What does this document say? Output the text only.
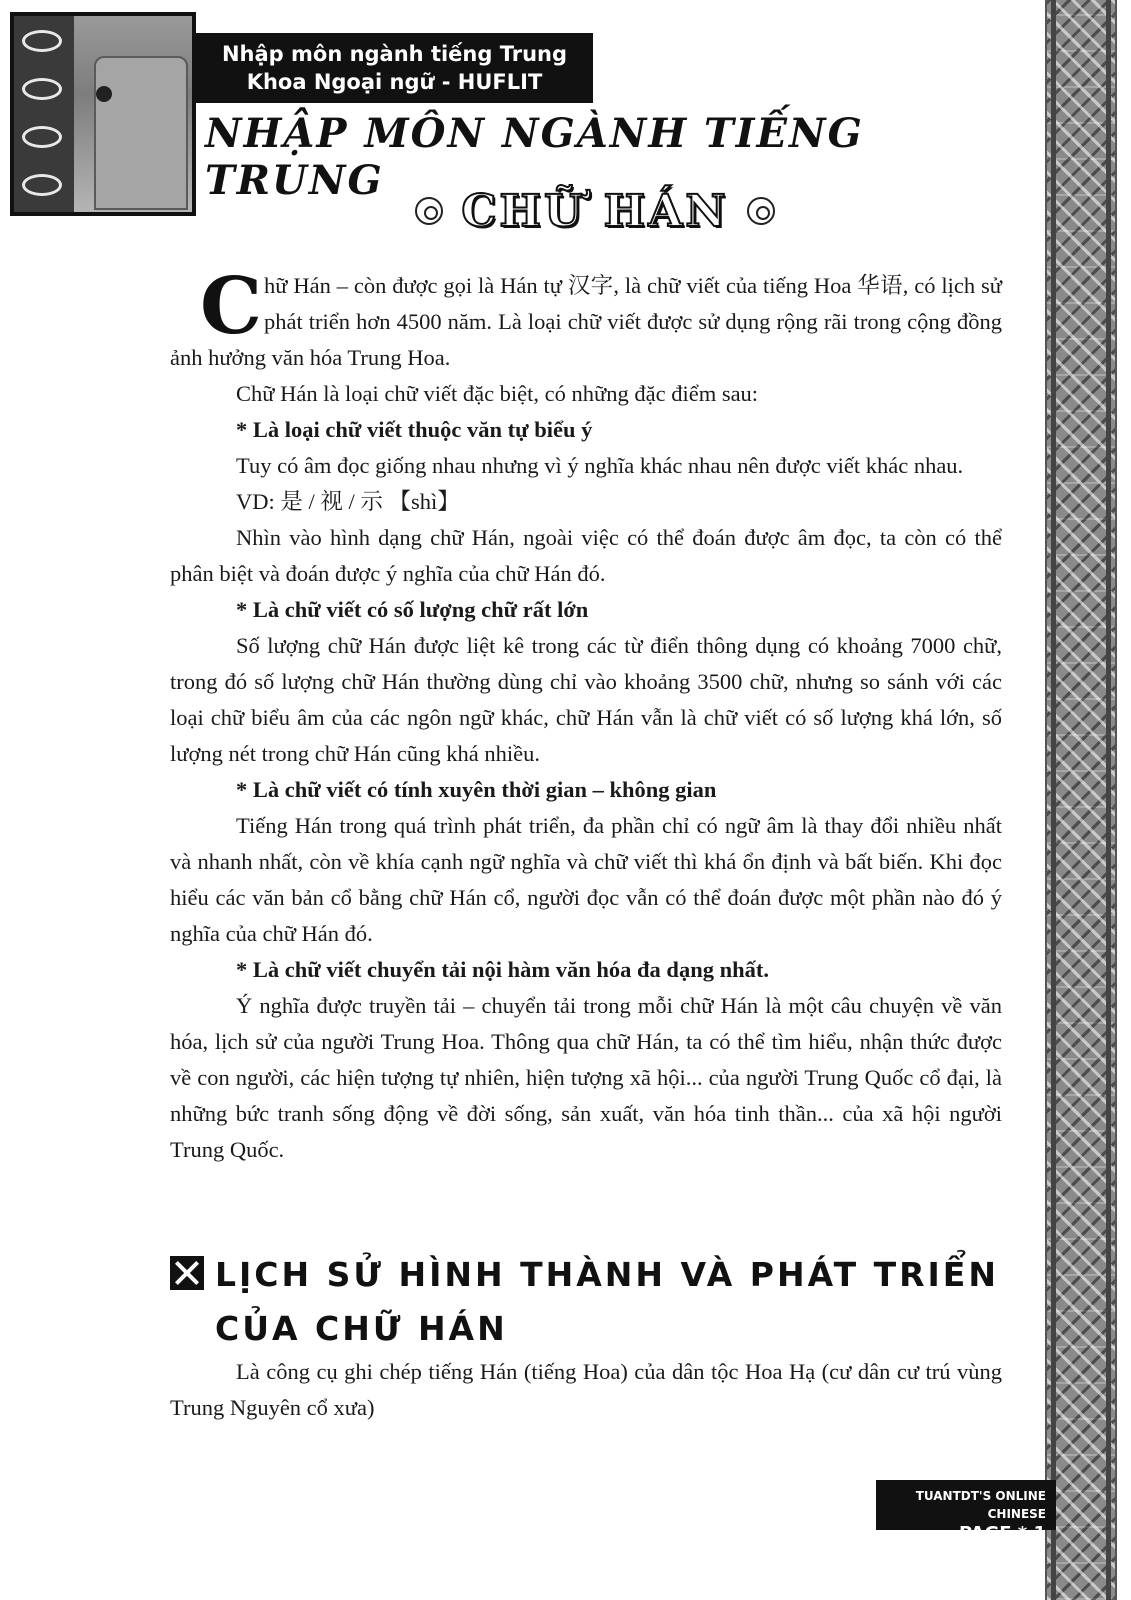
Nhập môn ngành tiếng Trung
Khoa Ngoại ngữ - HUFLIT
NHẬP MÔN NGÀNH TIẾNG TRUNG
CHỮ HÁN

Chữ Hán – còn được gọi là Hán tự 汉字, là chữ viết của tiếng Hoa 华语, có lịch sử phát triển hơn 4500 năm. Là loại chữ viết được sử dụng rộng rãi trong cộng đồng ảnh hưởng văn hóa Trung Hoa.

Chữ Hán là loại chữ viết đặc biệt, có những đặc điểm sau:

* Là loại chữ viết thuộc văn tự biểu ý

Tuy có âm đọc giống nhau nhưng vì ý nghĩa khác nhau nên được viết khác nhau.

VD: 是 / 视 / 示 【shì】

Nhìn vào hình dạng chữ Hán, ngoài việc có thể đoán được âm đọc, ta còn có thể phân biệt và đoán được ý nghĩa của chữ Hán đó.

* Là chữ viết có số lượng chữ rất lớn

Số lượng chữ Hán được liệt kê trong các từ điển thông dụng có khoảng 7000 chữ, trong đó số lượng chữ Hán thường dùng chỉ vào khoảng 3500 chữ, nhưng so sánh với các loại chữ biểu âm của các ngôn ngữ khác, chữ Hán vẫn là chữ viết có số lượng khá lớn, số lượng nét trong chữ Hán cũng khá nhiều.

* Là chữ viết có tính xuyên thời gian – không gian

Tiếng Hán trong quá trình phát triển, đa phần chỉ có ngữ âm là thay đổi nhiều nhất và nhanh nhất, còn về khía cạnh ngữ nghĩa và chữ viết thì khá ổn định và bất biến. Khi đọc hiểu các văn bản cổ bằng chữ Hán cổ, người đọc vẫn có thể đoán được một phần nào đó ý nghĩa của chữ Hán đó.

* Là chữ viết chuyển tải nội hàm văn hóa đa dạng nhất.

Ý nghĩa được truyền tải – chuyển tải trong mỗi chữ Hán là một câu chuyện về văn hóa, lịch sử của người Trung Hoa. Thông qua chữ Hán, ta có thể tìm hiểu, nhận thức được về con người, các hiện tượng tự nhiên, hiện tượng xã hội... của người Trung Quốc cổ đại, là những bức tranh sống động về đời sống, sản xuất, văn hóa tinh thần... của xã hội người Trung Quốc.

LỊCH SỬ HÌNH THÀNH VÀ PHÁT TRIỂN
CỦA CHỮ HÁN

Là công cụ ghi chép tiếng Hán (tiếng Hoa) của dân tộc Hoa Hạ (cư dân cư trú vùng Trung Nguyên cổ xưa)

TUANTDT'S ONLINE CHINESE
PAGE * 1
